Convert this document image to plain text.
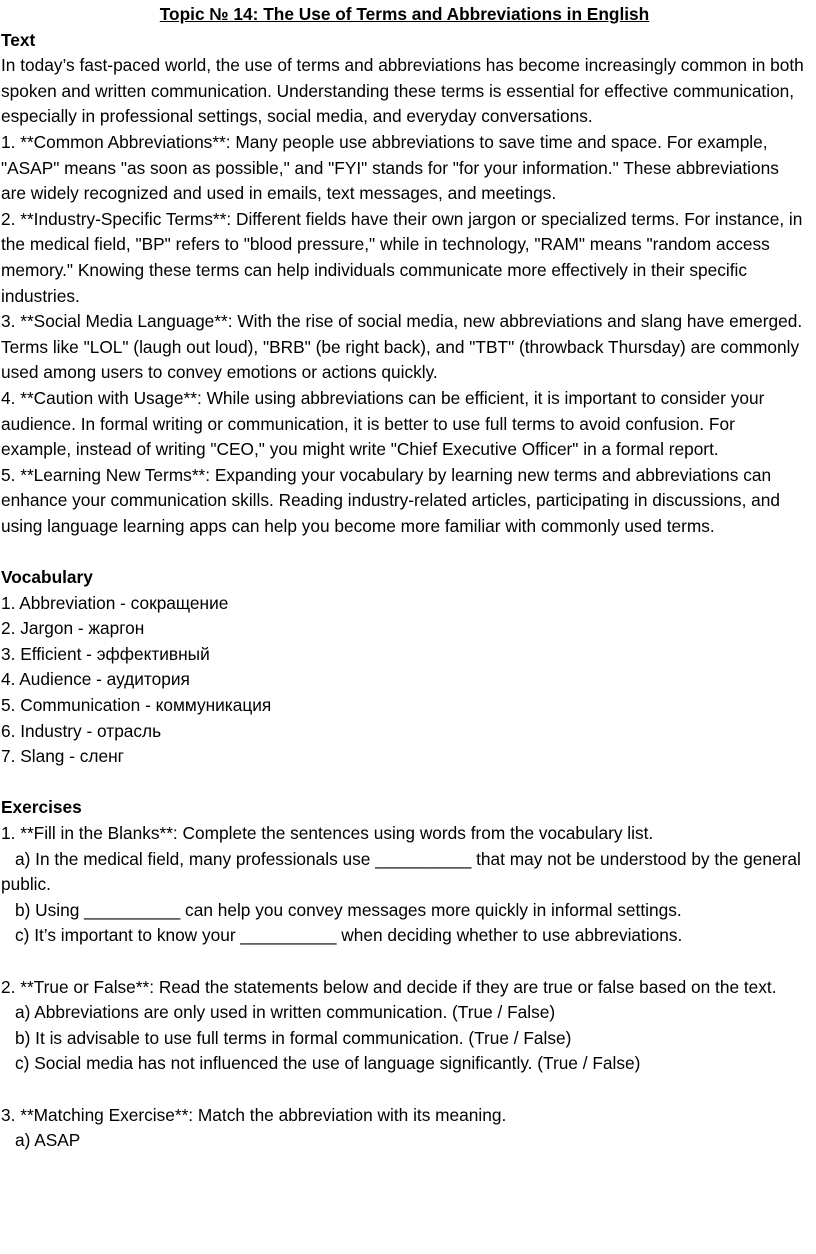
Topic № 14: The Use of Terms and Abbreviations in English

Text

In today’s fast-paced world, the use of terms and abbreviations has become increasingly common in both spoken and written communication. Understanding these terms is essential for effective communication, especially in professional settings, social media, and everyday conversations.

1. **Common Abbreviations**: Many people use abbreviations to save time and space. For example, "ASAP" means "as soon as possible," and "FYI" stands for "for your information." These abbreviations are widely recognized and used in emails, text messages, and meetings.

2. **Industry-Specific Terms**: Different fields have their own jargon or specialized terms. For instance, in the medical field, "BP" refers to "blood pressure," while in technology, "RAM" means "random access memory." Knowing these terms can help individuals communicate more effectively in their specific industries.

3. **Social Media Language**: With the rise of social media, new abbreviations and slang have emerged. Terms like "LOL" (laugh out loud), "BRB" (be right back), and "TBT" (throwback Thursday) are commonly used among users to convey emotions or actions quickly.

4. **Caution with Usage**: While using abbreviations can be efficient, it is important to consider your audience. In formal writing or communication, it is better to use full terms to avoid confusion. For example, instead of writing "CEO," you might write "Chief Executive Officer" in a formal report.

5. **Learning New Terms**: Expanding your vocabulary by learning new terms and abbreviations can enhance your communication skills. Reading industry-related articles, participating in discussions, and using language learning apps can help you become more familiar with commonly used terms.

Vocabulary

1. Abbreviation - сокращение

2. Jargon - жаргон

3. Efficient - эффективный

4. Audience - аудитория

5. Communication - коммуникация

6. Industry - отрасль

7. Slang - сленг

Exercises

1. **Fill in the Blanks**: Complete the sentences using words from the vocabulary list.

a) In the medical field, many professionals use __________ that may not be understood by the general public.

b) Using __________ can help you convey messages more quickly in informal settings.

c) It’s important to know your __________ when deciding whether to use abbreviations.

2. **True or False**: Read the statements below and decide if they are true or false based on the text.

a) Abbreviations are only used in written communication. (True / False)

b) It is advisable to use full terms in formal communication. (True / False)

c) Social media has not influenced the use of language significantly. (True / False)

3. **Matching Exercise**: Match the abbreviation with its meaning.

a) ASAP
